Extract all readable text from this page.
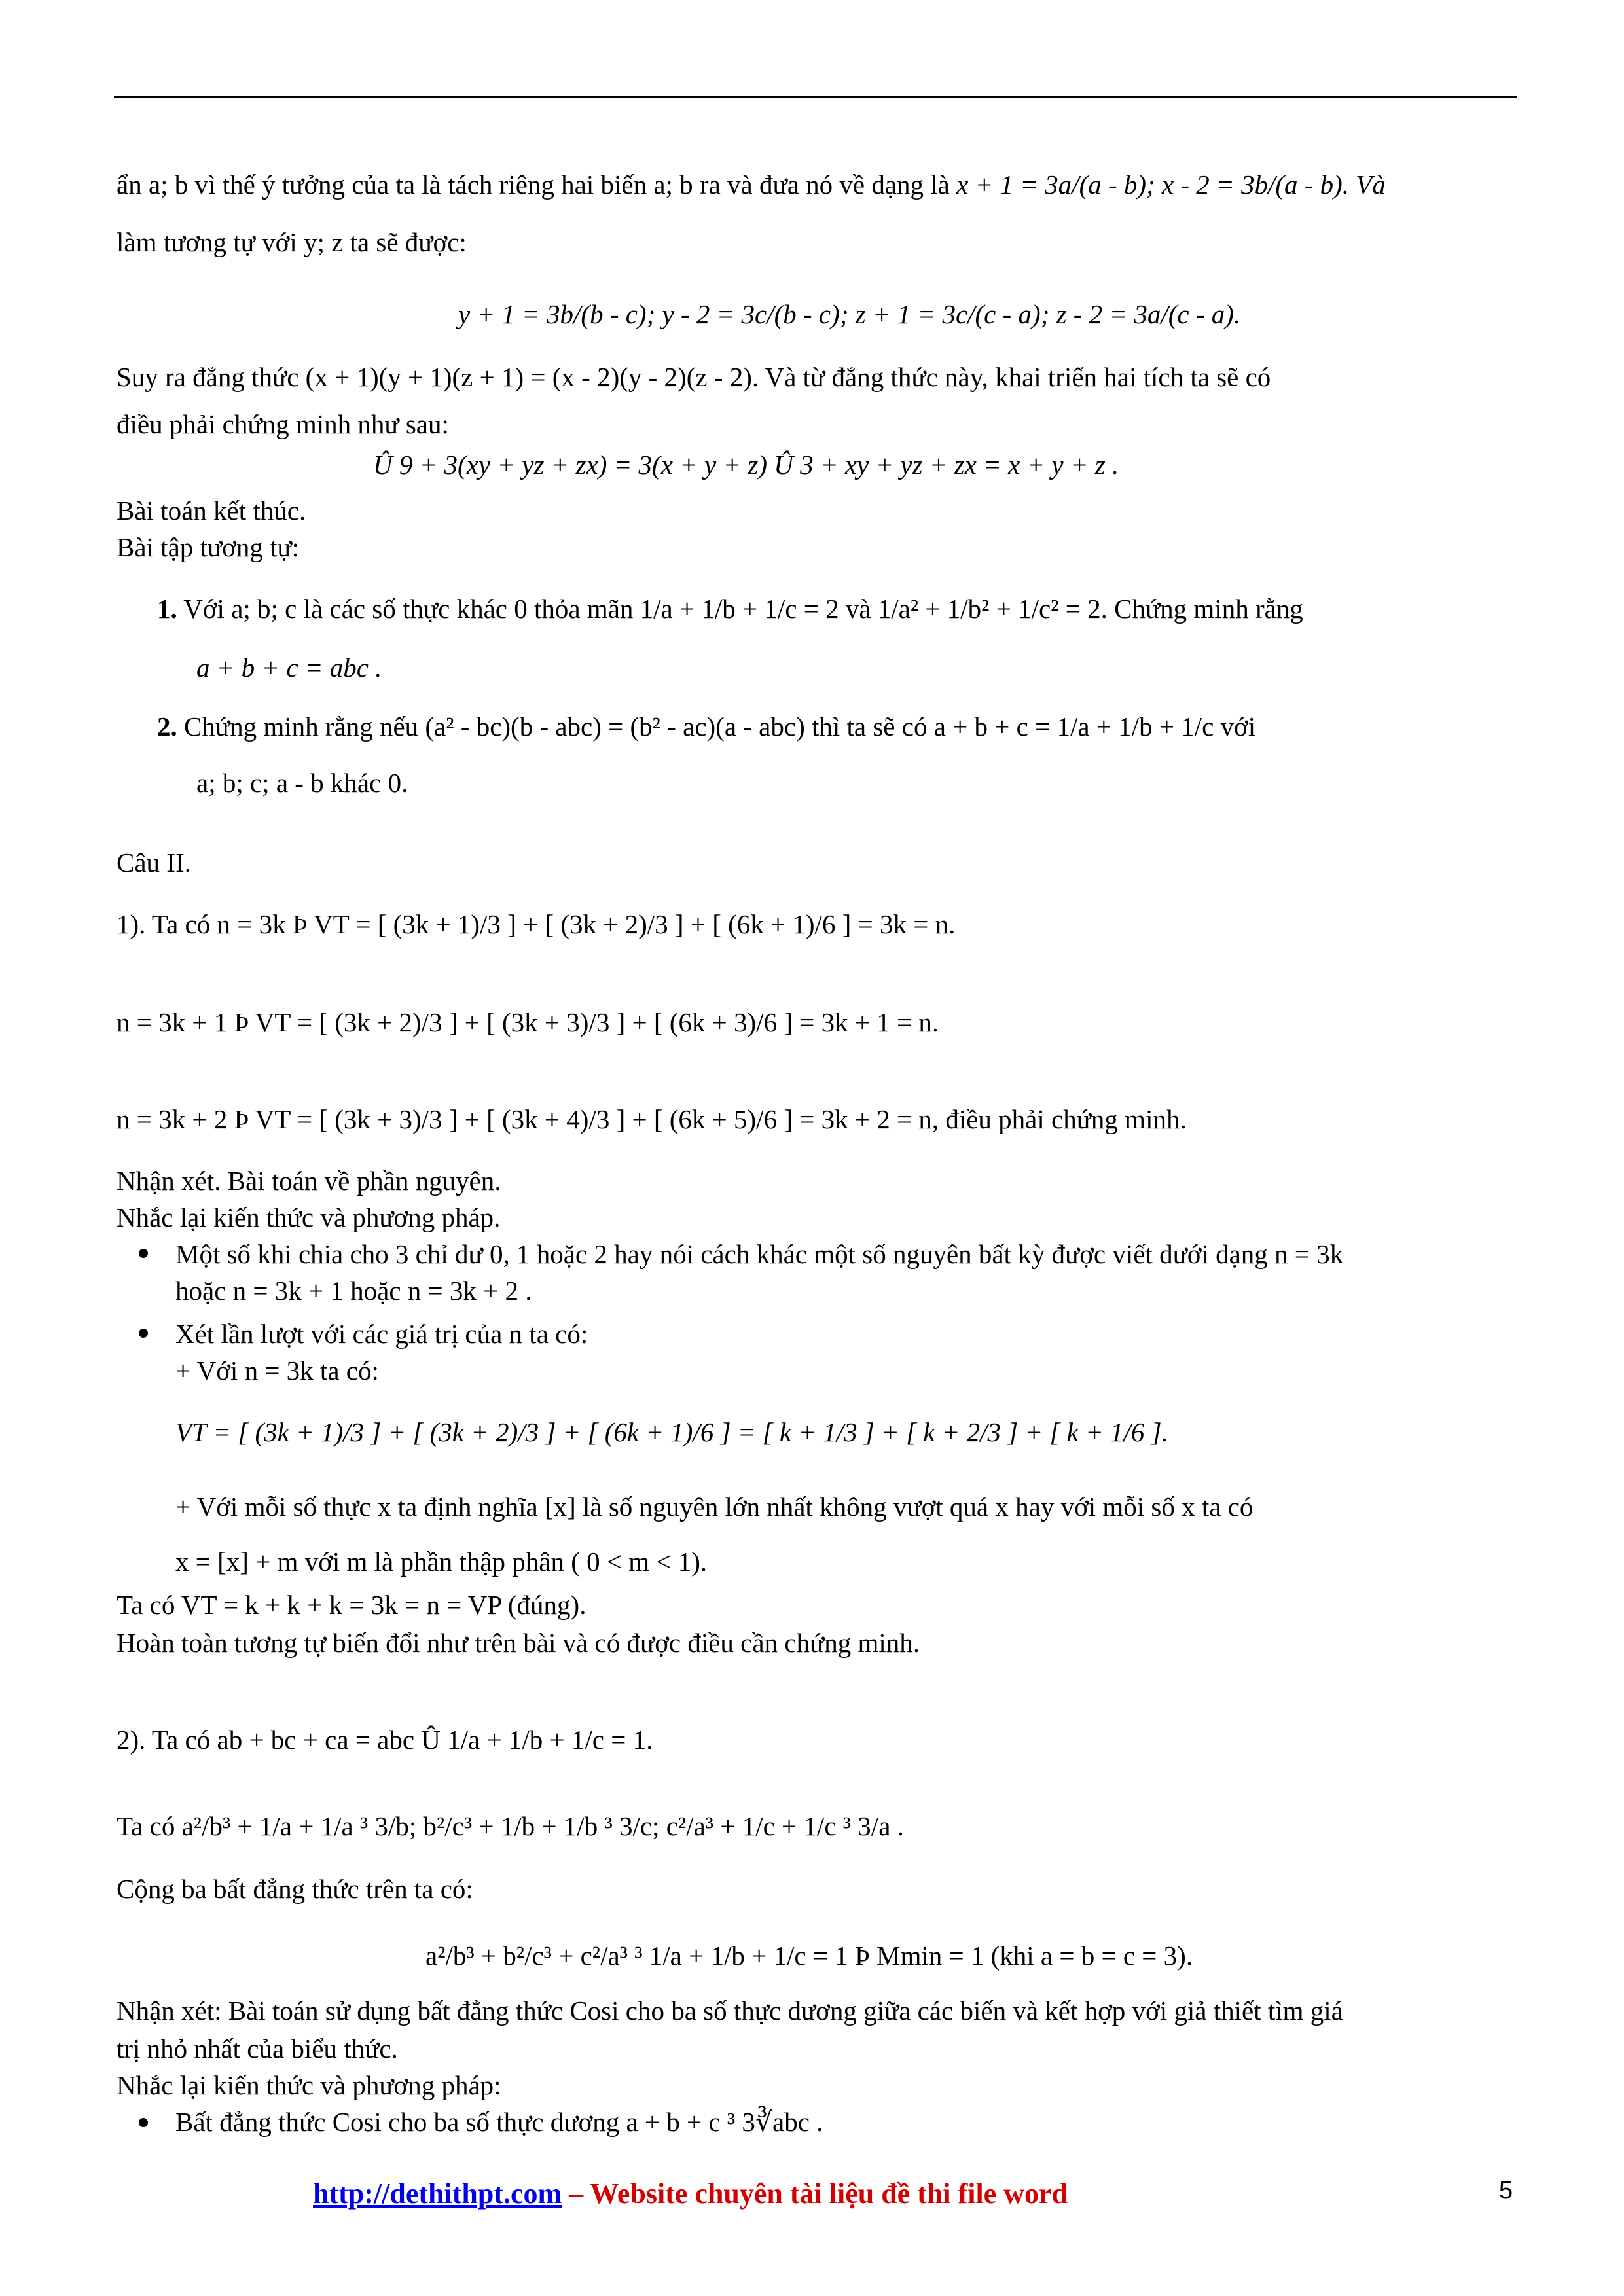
ẩn a; b vì thế ý tưởng của ta là tách riêng hai biến a; b ra và đưa nó về dạng là x + 1 = 3a/(a - b); x - 2 = 3b/(a - b). Và
làm tương tự với y; z ta sẽ được:
y + 1 = 3b/(b - c); y - 2 = 3c/(b - c); z + 1 = 3c/(c - a); z - 2 = 3a/(c - a).
Suy ra đẳng thức (x + 1)(y + 1)(z + 1) = (x - 2)(y - 2)(z - 2). Và từ đẳng thức này, khai triển hai tích ta sẽ có
điều phải chứng minh như sau:
Û 9 + 3(xy + yz + zx) = 3(x + y + z) Û 3 + xy + yz + zx = x + y + z .
Bài toán kết thúc.
Bài tập tương tự:
1. Với a; b; c là các số thực khác 0 thỏa mãn 1/a + 1/b + 1/c = 2 và 1/a² + 1/b² + 1/c² = 2. Chứng minh rằng
a + b + c = abc .
2. Chứng minh rằng nếu (a² - bc)(b - abc) = (b² - ac)(a - abc) thì ta sẽ có a + b + c = 1/a + 1/b + 1/c với
a; b; c; a - b khác 0.
Câu II.
1). Ta có n = 3k Þ VT = [ (3k + 1)/3 ] + [ (3k + 2)/3 ] + [ (6k + 1)/6 ] = 3k = n.
n = 3k + 1 Þ VT = [ (3k + 2)/3 ] + [ (3k + 3)/3 ] + [ (6k + 3)/6 ] = 3k + 1 = n.
n = 3k + 2 Þ VT = [ (3k + 3)/3 ] + [ (3k + 4)/3 ] + [ (6k + 5)/6 ] = 3k + 2 = n, điều phải chứng minh.
Nhận xét. Bài toán về phần nguyên.
Nhắc lại kiến thức và phương pháp.
Một số khi chia cho 3 chỉ dư 0, 1 hoặc 2 hay nói cách khác một số nguyên bất kỳ được viết dưới dạng n = 3k
hoặc n = 3k + 1 hoặc n = 3k + 2 .
Xét lần lượt với các giá trị của n ta có:
+ Với n = 3k ta có:
VT = [ (3k + 1)/3 ] + [ (3k + 2)/3 ] + [ (6k + 1)/6 ] = [ k + 1/3 ] + [ k + 2/3 ] + [ k + 1/6 ].
+ Với mỗi số thực x ta định nghĩa [x] là số nguyên lớn nhất không vượt quá x hay với mỗi số x ta có
x = [x] + m với m là phần thập phân ( 0 < m < 1).
Ta có VT = k + k + k = 3k = n = VP (đúng).
Hoàn toàn tương tự biến đổi như trên bài và có được điều cần chứng minh.
2). Ta có ab + bc + ca = abc Û 1/a + 1/b + 1/c = 1.
Ta có a²/b³ + 1/a + 1/a ³ 3/b; b²/c³ + 1/b + 1/b ³ 3/c; c²/a³ + 1/c + 1/c ³ 3/a .
Cộng ba bất đẳng thức trên ta có:
a²/b³ + b²/c³ + c²/a³ ³ 1/a + 1/b + 1/c = 1 Þ Mmin = 1 (khi a = b = c = 3).
Nhận xét: Bài toán sử dụng bất đẳng thức Cosi cho ba số thực dương giữa các biến và kết hợp với giả thiết tìm giá
trị nhỏ nhất của biểu thức.
Nhắc lại kiến thức và phương pháp:
Bất đẳng thức Cosi cho ba số thực dương a + b + c ³ 3∛abc .
http://dethithpt.com – Website chuyên tài liệu đề thi file word	5
